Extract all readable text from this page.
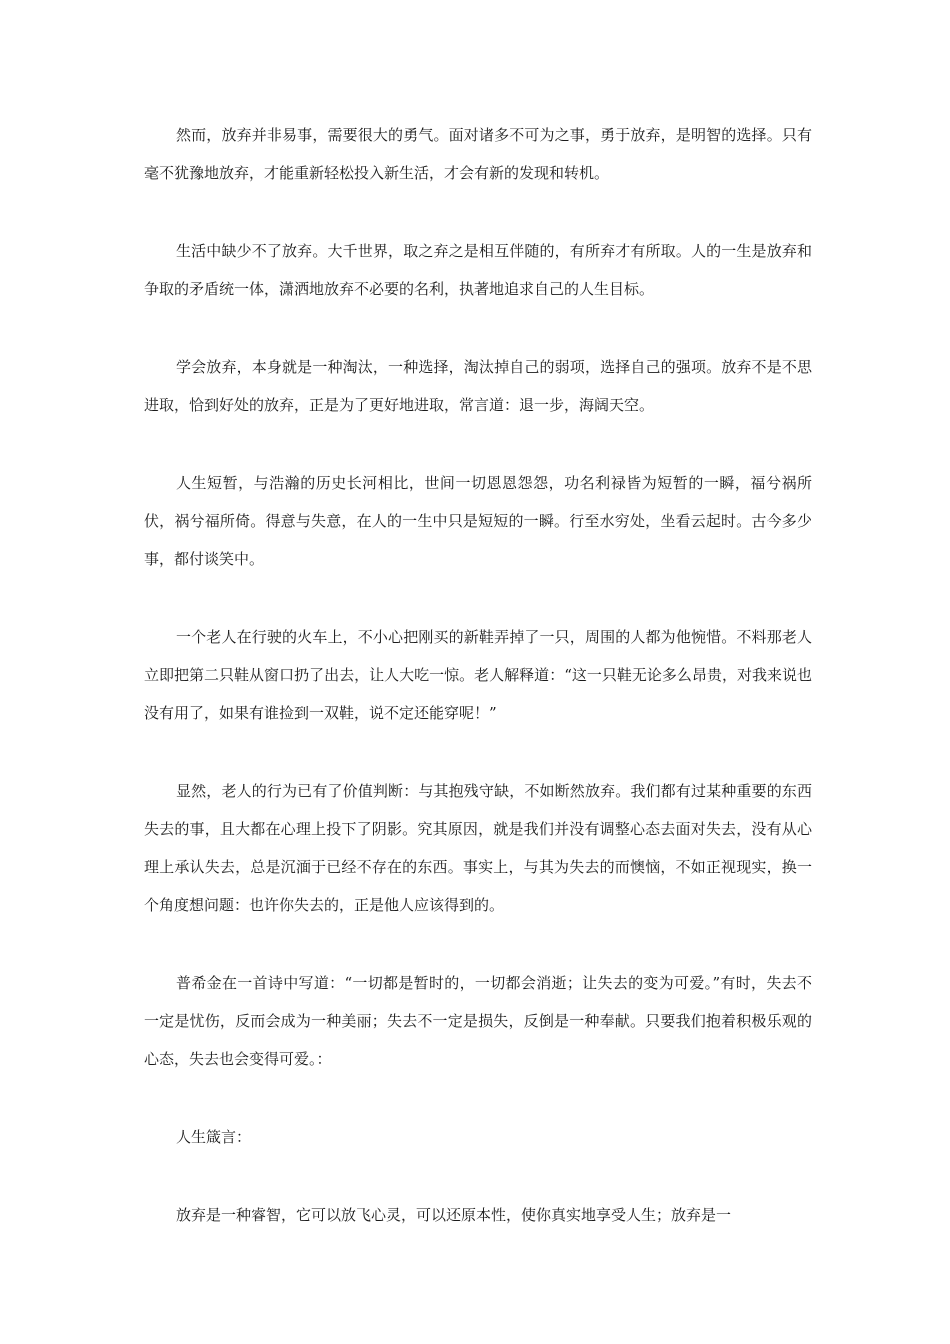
然而，放弃并非易事，需要很大的勇气。面对诸多不可为之事，勇于放弃，是明智的选择。只有毫不犹豫地放弃，才能重新轻松投入新生活，才会有新的发现和转机。

生活中缺少不了放弃。大千世界，取之弃之是相互伴随的，有所弃才有所取。人的一生是放弃和争取的矛盾统一体，潇洒地放弃不必要的名利，执著地追求自己的人生目标。

学会放弃，本身就是一种淘汰，一种选择，淘汰掉自己的弱项，选择自己的强项。放弃不是不思进取，恰到好处的放弃，正是为了更好地进取，常言道：退一步，海阔天空。

人生短暂，与浩瀚的历史长河相比，世间一切恩恩怨怨，功名利禄皆为短暂的一瞬，福兮祸所伏，祸兮福所倚。得意与失意，在人的一生中只是短短的一瞬。行至水穷处，坐看云起时。古今多少事，都付谈笑中。

一个老人在行驶的火车上，不小心把刚买的新鞋弄掉了一只，周围的人都为他惋惜。不料那老人立即把第二只鞋从窗口扔了出去，让人大吃一惊。老人解释道：“这一只鞋无论多么昂贵，对我来说也没有用了，如果有谁捡到一双鞋，说不定还能穿呢！”

显然，老人的行为已有了价值判断：与其抱残守缺，不如断然放弃。我们都有过某种重要的东西失去的事，且大都在心理上投下了阴影。究其原因，就是我们并没有调整心态去面对失去，没有从心理上承认失去，总是沉湎于已经不存在的东西。事实上，与其为失去的而懊恼，不如正视现实，换一个角度想问题：也许你失去的，正是他人应该得到的。

普希金在一首诗中写道：“一切都是暂时的，一切都会消逝；让失去的变为可爱。”有时，失去不一定是忧伤，反而会成为一种美丽；失去不一定是损失，反倒是一种奉献。只要我们抱着积极乐观的心态，失去也会变得可爱。：

人生箴言：

放弃是一种睿智，它可以放飞心灵，可以还原本性，使你真实地享受人生；放弃是一
